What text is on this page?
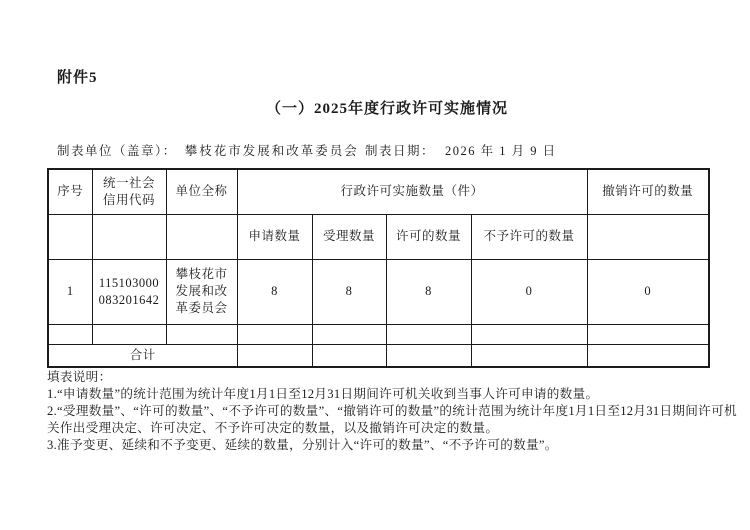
附件5
（一）2025年度行政许可实施情况
制表单位（盖章）： 攀枝花市发展和改革委员会 制表日期： 2026 年 1 月 9 日
序号	统一社会信用代码	单位全称	行政许可实施数量（件）				撤销许可的数量
			申请数量	受理数量	许可的数量	不予许可的数量	
1	115103000083201642	攀枝花市发展和改革委员会	8	8	8	0	0

合计							

填表说明：

1.“申请数量”的统计范围为统计年度1月1日至12月31日期间许可机关收到当事人许可申请的数量。

2.“受理数量”、“许可的数量”、“不予许可的数量”、“撤销许可的数量”的统计范围为统计年度1月1日至12月31日期间许可机关作出受理决定、许可决定、不予许可决定的数量，以及撤销许可决定的数量。

3.准予变更、延续和不予变更、延续的数量，分别计入“许可的数量”、“不予许可的数量”。
